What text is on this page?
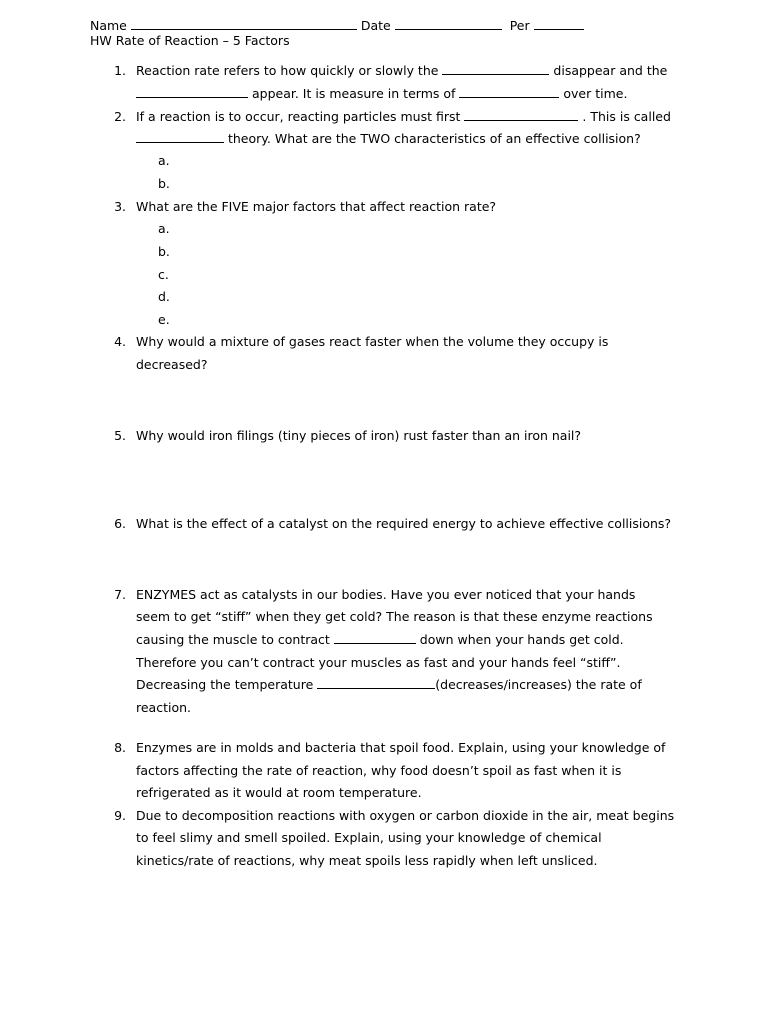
Name	Date	Per
HW Rate of Reaction – 5 Factors
1. Reaction rate refers to how quickly or slowly the	disappear and the
appear. It is measure in terms of	over time.
2. If a reaction is to occur, reacting particles must first	. This is called
theory. What are the TWO characteristics of an effective collision?
a.
b.
3. What are the FIVE major factors that affect reaction rate?
a.
b.
c.
d.
e.
4. Why would a mixture of gases react faster when the volume they occupy is
decreased?
5. Why would iron filings (tiny pieces of iron) rust faster than an iron nail?
6. What is the effect of a catalyst on the required energy to achieve effective collisions?
7. ENZYMES act as catalysts in our bodies. Have you ever noticed that your hands
seem to get “stiff” when they get cold? The reason is that these enzyme reactions
causing the muscle to contract	down when your hands get cold.
Therefore you can’t contract your muscles as fast and your hands feel “stiff”.
Decreasing the temperature	(decreases/increases) the rate of
reaction.
8. Enzymes are in molds and bacteria that spoil food. Explain, using your knowledge of
factors affecting the rate of reaction, why food doesn’t spoil as fast when it is
refrigerated as it would at room temperature.
9. Due to decomposition reactions with oxygen or carbon dioxide in the air, meat begins
to feel slimy and smell spoiled. Explain, using your knowledge of chemical
kinetics/rate of reactions, why meat spoils less rapidly when left unsliced.
